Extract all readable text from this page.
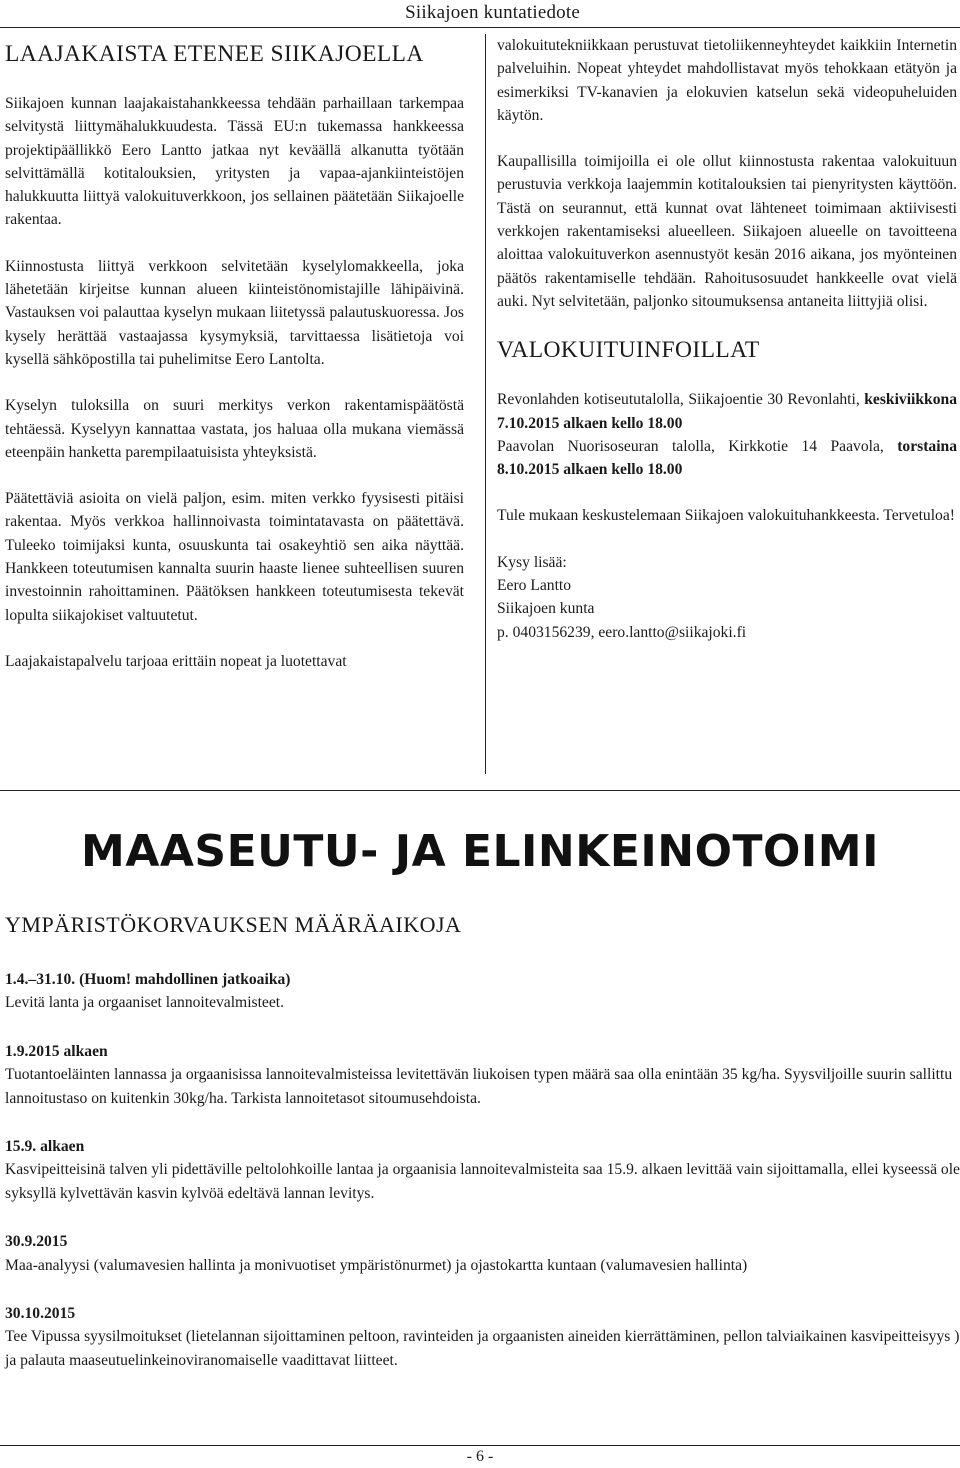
Siikajoen kuntatiedote
LAAJAKAISTA ETENEE SIIKAJOELLA

Siikajoen kunnan laajakaistahankkeessa tehdään parhaillaan tarkempaa selvitystä liittymähalukkuudesta. Tässä EU:n tukemassa hankkeessa projektipäällikkö Eero Lantto jatkaa nyt keväällä alkanutta työtään selvittämällä kotitalouksien, yritysten ja vapaa-ajankiinteistöjen halukkuutta liittyä valokuituverkkoon, jos sellainen päätetään Siikajoelle rakentaa.

Kiinnostusta liittyä verkkoon selvitetään kyselylomakkeella, joka lähetetään kirjeitse kunnan alueen kiinteistönomistajille lähipäivinä. Vastauksen voi palauttaa kyselyn mukaan liitetyssä palautuskuoressa. Jos kysely herättää vastaajassa kysymyksiä, tarvittaessa lisätietoja voi kysellä sähköpostilla tai puhelimitse Eero Lantolta.

Kyselyn tuloksilla on suuri merkitys verkon rakentamispäätöstä tehtäessä. Kyselyyn kannattaa vastata, jos haluaa olla mukana viemässä eteenpäin hanketta parempilaatuisista yhteyksistä.

Päätettäviä asioita on vielä paljon, esim. miten verkko fyysisesti pitäisi rakentaa. Myös verkkoa hallinnoivasta toimintatavasta on päätettävä. Tuleeko toimijaksi kunta, osuuskunta tai osakeyhtiö sen aika näyttää. Hankkeen toteutumisen kannalta suurin haaste lienee suhteellisen suuren investoinnin rahoittaminen. Päätöksen hankkeen toteutumisesta tekevät lopulta siikajokiset valtuutetut.

Laajakaistapalvelu tarjoaa erittäin nopeat ja luotettavat

valokuitutekniikkaan perustuvat tietoliikenneyhteydet kaikkiin Internetin palveluihin. Nopeat yhteydet mahdollistavat myös tehokkaan etätyön ja esimerkiksi TV-kanavien ja elokuvien katselun sekä videopuheluiden käytön.

Kaupallisilla toimijoilla ei ole ollut kiinnostusta rakentaa valokuituun perustuvia verkkoja laajemmin kotitalouksien tai pienyritysten käyttöön. Tästä on seurannut, että kunnat ovat lähteneet toimimaan aktiivisesti verkkojen rakentamiseksi alueelleen. Siikajoen alueelle on tavoitteena aloittaa valokuituverkon asennustyöt kesän 2016 aikana, jos myönteinen päätös rakentamiselle tehdään. Rahoitusosuudet hankkeelle ovat vielä auki. Nyt selvitetään, paljonko sitoumuksensa antaneita liittyjiä olisi.

VALOKUITUINFOILLAT

Revonlahden kotiseututalolla, Siikajoentie 30 Revonlahti, keskiviikkona 7.10.2015 alkaen kello 18.00

Paavolan Nuorisoseuran talolla, Kirkkotie 14 Paavola, torstaina 8.10.2015 alkaen kello 18.00

Tule mukaan keskustelemaan Siikajoen valokuituhankkeesta. Tervetuloa!

Kysy lisää:
Eero Lantto
Siikajoen kunta
p. 0403156239, eero.lantto@siikajoki.fi
MAASEUTU- JA ELINKEINOTOIMI
YMPÄRISTÖKORVAUKSEN MÄÄRÄAIKOJA
1.4.–31.10. (Huom! mahdollinen jatkoaika)
Levitä lanta ja orgaaniset lannoitevalmisteet.
1.9.2015 alkaen
Tuotantoeläinten lannassa ja orgaanisissa lannoitevalmisteissa levitettävän liukoisen typen määrä saa olla enintään 35 kg/ha. Syysviljoille suurin sallittu lannoitustaso on kuitenkin 30kg/ha. Tarkista lannoitetasot sitoumusehdoista.
15.9. alkaen
Kasvipeitteisinä talven yli pidettäville peltolohkoille lantaa ja orgaanisia lannoitevalmisteita saa 15.9. alkaen levittää vain sijoittamalla, ellei kyseessä ole syksyllä kylvettävän kasvin kylvöä edeltävä lannan levitys.
30.9.2015
Maa-analyysi (valumavesien hallinta ja monivuotiset ympäristönurmet) ja ojastokartta kuntaan (valumavesien hallinta)
30.10.2015
Tee Vipussa syysilmoitukset (lietelannan sijoittaminen peltoon, ravinteiden ja orgaanisten aineiden kierrättäminen, pellon talviaikainen kasvipeitteisyys ) ja palauta maaseutuelinkeinoviranomaiselle vaadittavat liitteet.
- 6 -
